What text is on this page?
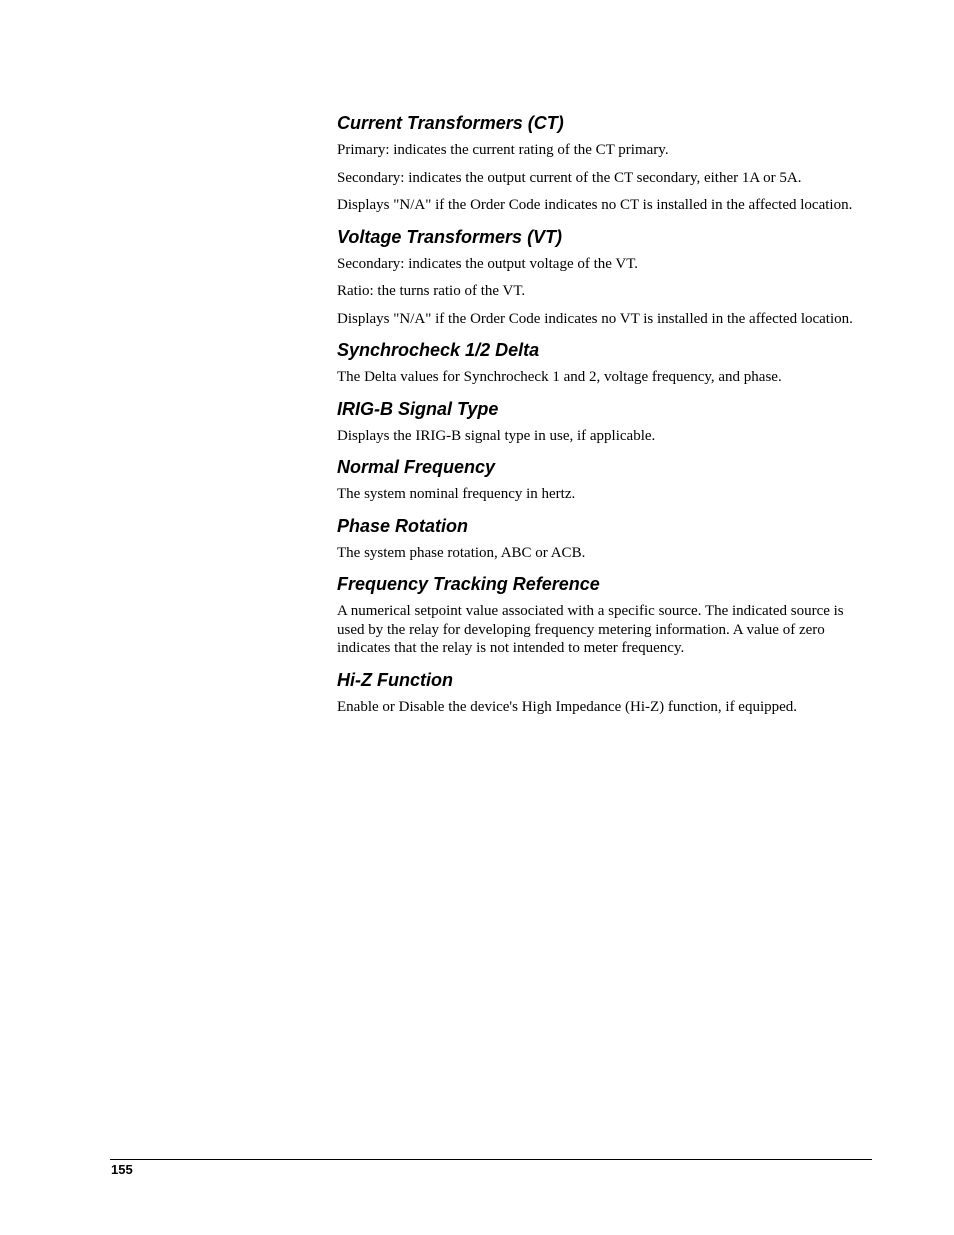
Current Transformers (CT)

Primary: indicates the current rating of the CT primary.

Secondary: indicates the output current of the CT secondary, either 1A or 5A.

Displays "N/A" if the Order Code indicates no CT is installed in the affected location.

Voltage Transformers (VT)

Secondary: indicates the output voltage of the VT.

Ratio: the turns ratio of the VT.

Displays "N/A" if the Order Code indicates no VT is installed in the affected location.

Synchrocheck 1/2 Delta

The Delta values for Synchrocheck 1 and 2, voltage frequency, and phase.

IRIG-B Signal Type

Displays the IRIG-B signal type in use, if applicable.

Normal Frequency

The system nominal frequency in hertz.

Phase Rotation

The system phase rotation, ABC or ACB.

Frequency Tracking Reference

A numerical setpoint value associated with a specific source. The indicated source is used by the relay for developing frequency metering information. A value of zero indicates that the relay is not intended to meter frequency.

Hi-Z Function

Enable or Disable the device's High Impedance (Hi-Z) function, if equipped.

155
